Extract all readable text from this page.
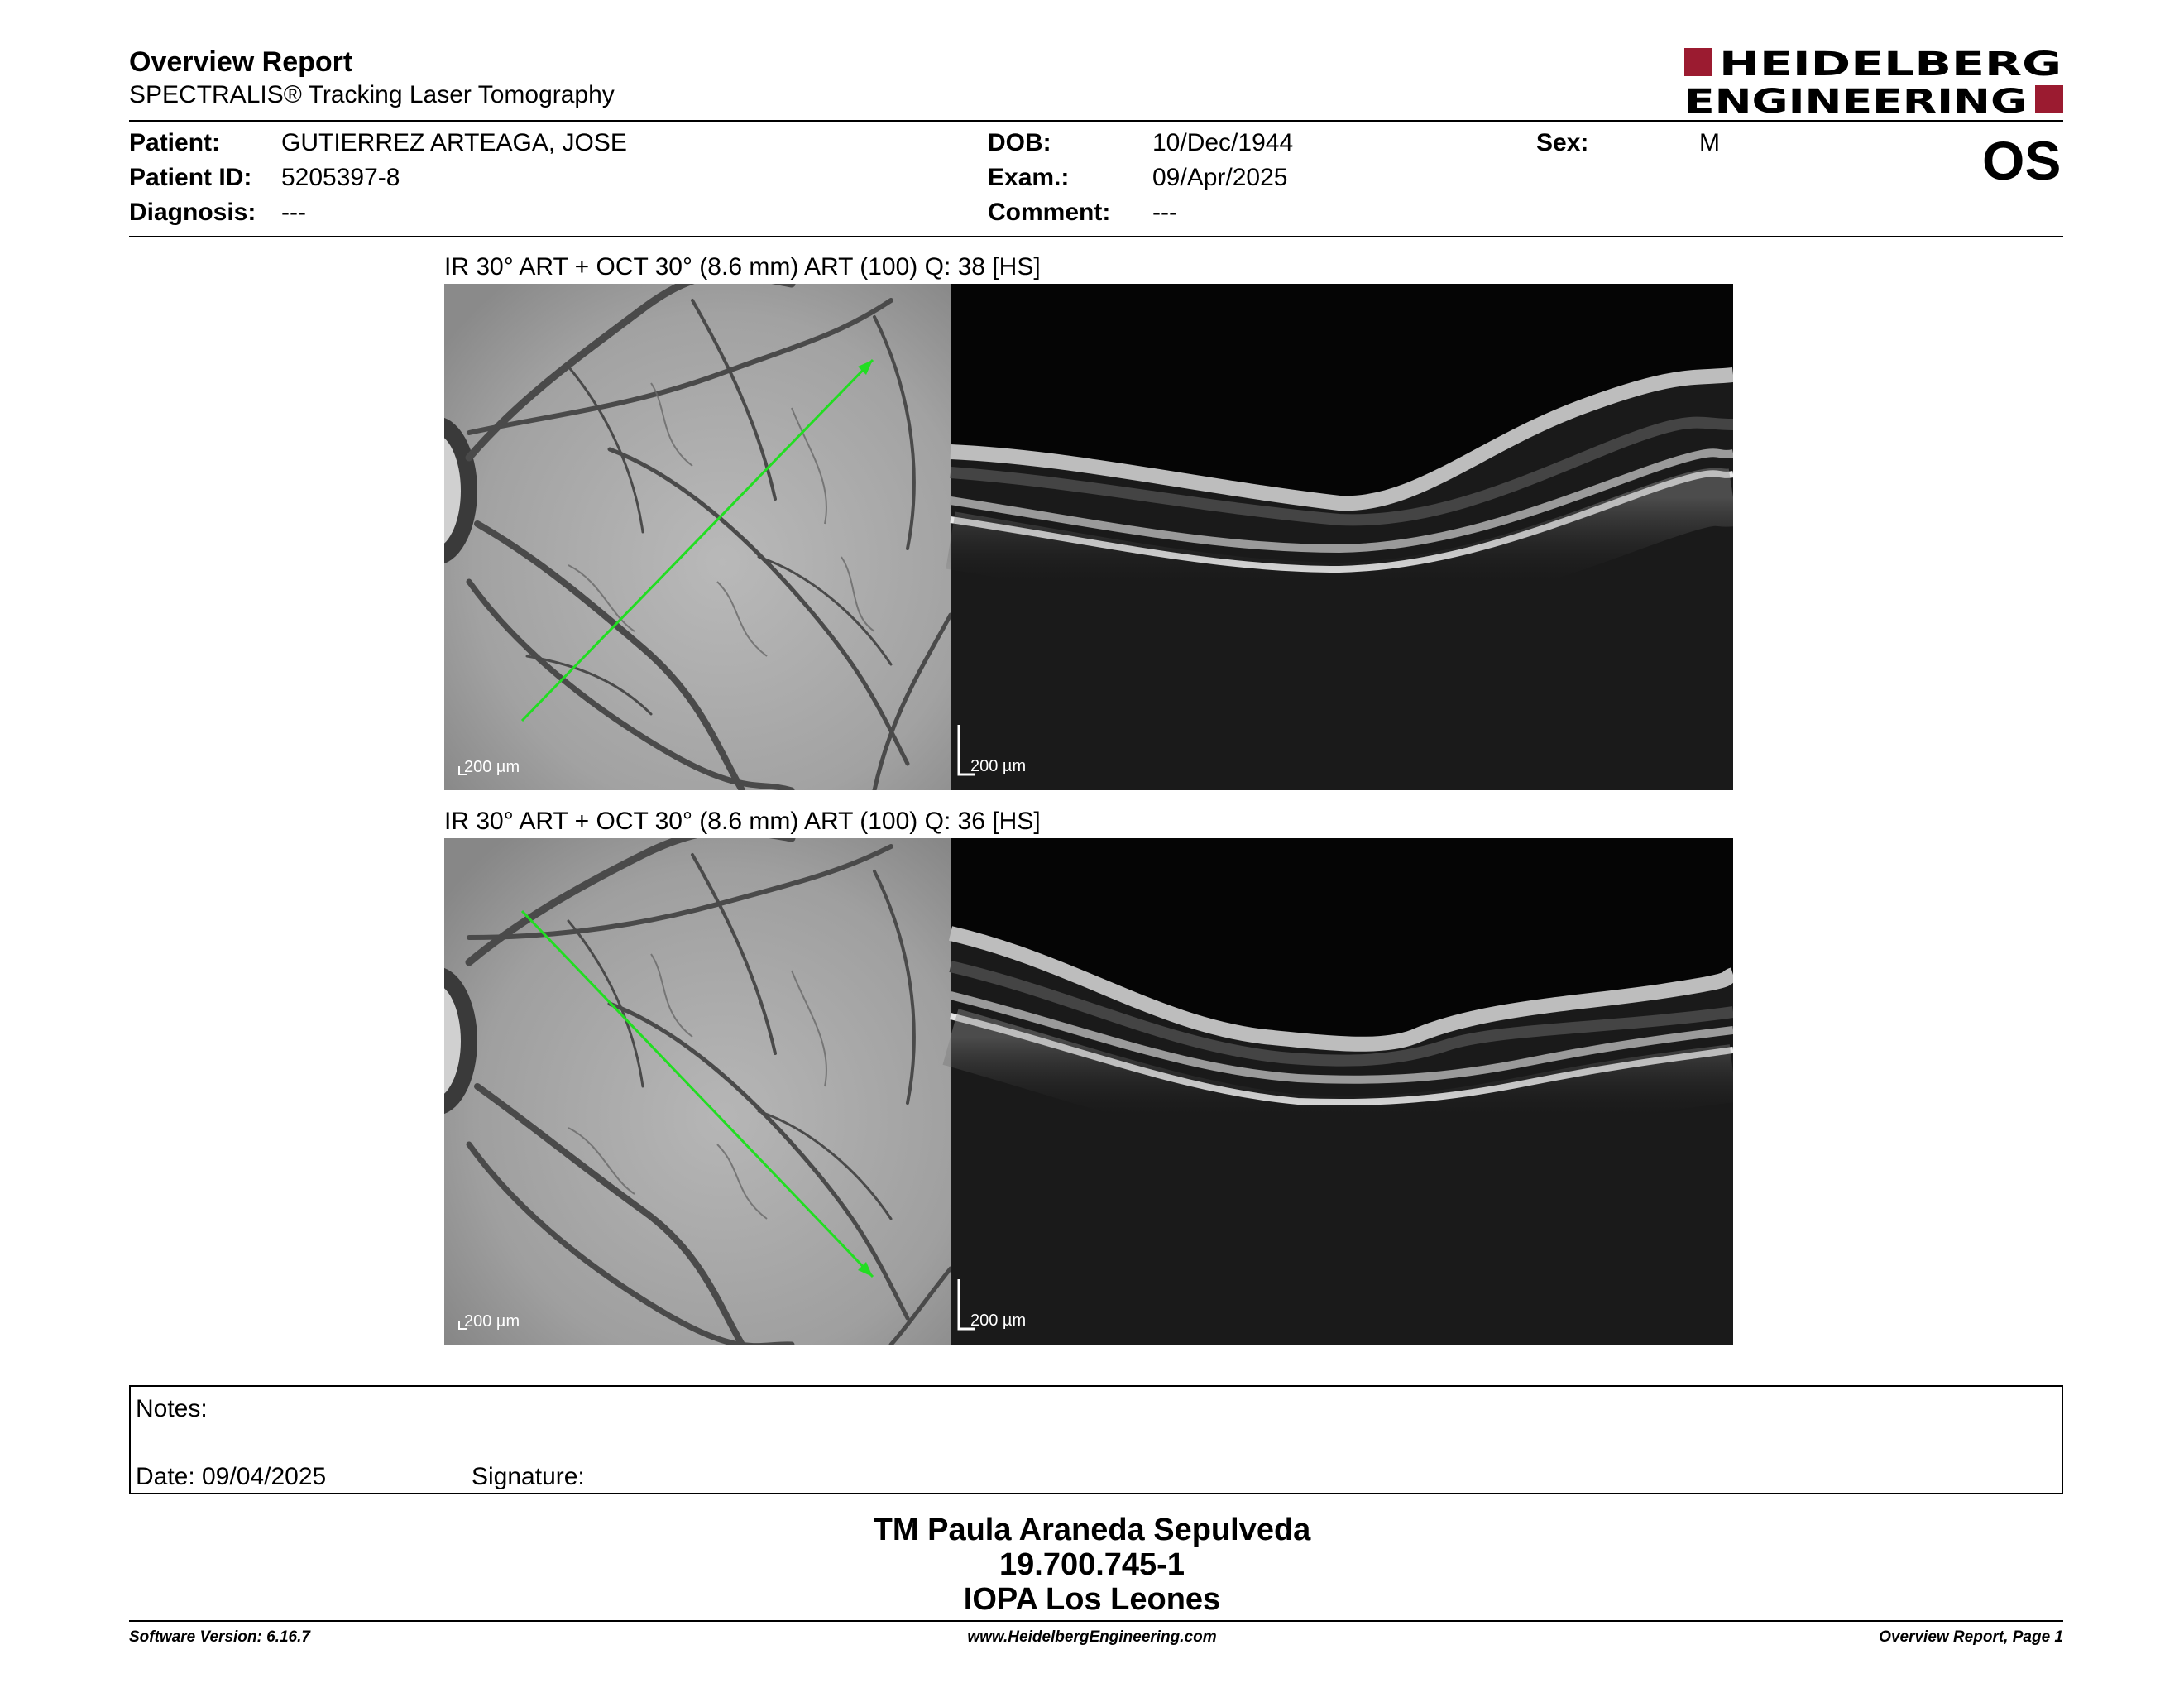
Overview Report
SPECTRALIS® Tracking Laser Tomography
HEIDELBERG
ENGINEERING
Patient: GUTIERREZ ARTEAGA, JOSE
Patient ID: 5205397-8
Diagnosis: ---
DOB:	10/Dec/1944
Exam.:	09/Apr/2025
Comment: ---
Sex:	M	OS
IR 30° ART + OCT 30° (8.6 mm) ART (100) Q: 38 [HS]
200 µm	200 µm
IR 30° ART + OCT 30° (8.6 mm) ART (100) Q: 36 [HS]
200 µm	200 µm
Notes:
Date: 09/04/2025	Signature:
TM Paula Araneda Sepulveda
19.700.745-1
IOPA Los Leones
Software Version: 6.16.7	www.HeidelbergEngineering.com	Overview Report, Page 1
